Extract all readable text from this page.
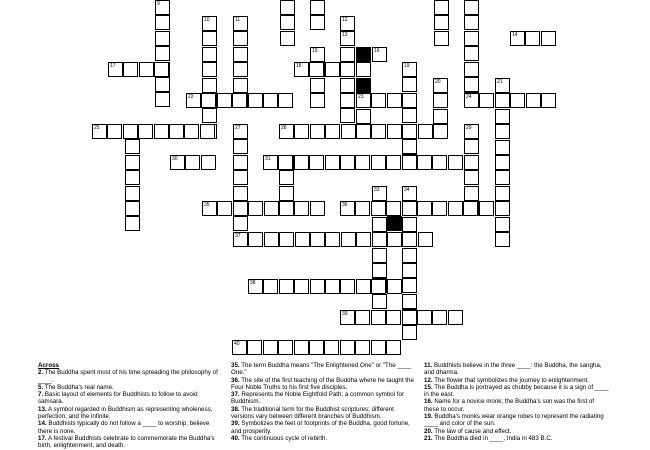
9
10	11	12
13
15
23
19
20	21
27	29
33	34
14
17	18
22	24
25	28
30	31
35	36
37
38
39
40
16
Across
2. The Buddha spent most of his time spreading the philosophy of ____.
5. The Buddha's real name.
7. Basic layout of elements for Buddhists to follow to avoid samsara.
13. A symbol regarded in Buddhism as representing wholeness, perfection, and the infinite.
14. Buddhists typically do not follow a ____ to worship; believe there is none.
17. A festival Buddhists celebrate to commemorate the Buddha's birth, enlightenment, and death.
35. The term Buddha means "The Enlightened One" or "The ____ One."
36. The site of the first teaching of the Buddha where he taught the Four Noble Truths to his first five disciples.
37. Represents the Noble Eightfold Path; a common symbol for Buddhism.
38. The traditional term for the Buddhist scriptures; different versions vary between different branches of Buddhism.
39. Symbolizes the feet or footprints of the Buddha, good fortune, and prosperity.
40. The continuous cycle of rebirth.
11. Buddhists believe in the three ____: the Buddha, the sangha, and dharma.
12. The flower that symbolizes the journey to enlightenment.
15. The Buddha is portrayed as chubby because it is a sign of ____ in the east.
16. Name for a novice monk; the Buddha's son was the first of these to occur.
19. Buddha's monks wear orange robes to represent the radiating ____ and color of the sun.
20. The law of cause and effect.
21. The Buddha died in ____, India in 483 B.C.
